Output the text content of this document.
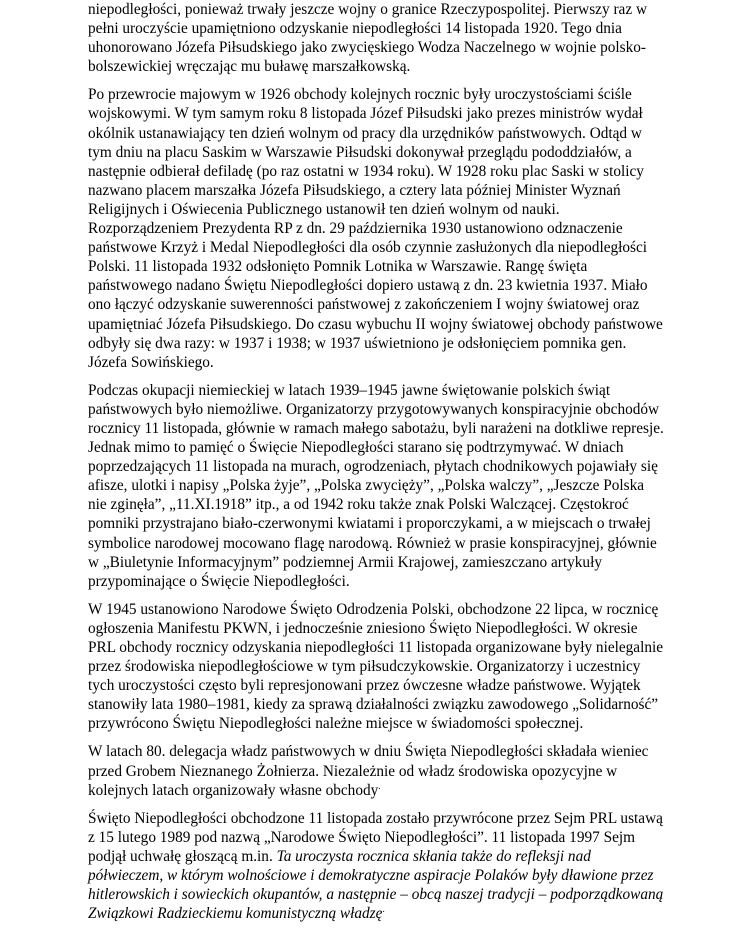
niepodległości, ponieważ trwały jeszcze wojny o granice Rzeczypospolitej. Pierwszy raz w pełni uroczyście upamiętniono odzyskanie niepodległości 14 listopada 1920. Tego dnia uhonorowano Józefa Piłsudskiego jako zwycięskiego Wodza Naczelnego w wojnie polsko-bolszewickiej wręczając mu buławę marszałkowską.

Po przewrocie majowym w 1926 obchody kolejnych rocznic były uroczystościami ściśle wojskowymi. W tym samym roku 8 listopada Józef Piłsudski jako prezes ministrów wydał okólnik ustanawiający ten dzień wolnym od pracy dla urzędników państwowych. Odtąd w tym dniu na placu Saskim w Warszawie Piłsudski dokonywał przeglądu pododdziałów, a następnie odbierał defiladę (po raz ostatni w 1934 roku). W 1928 roku plac Saski w stolicy nazwano placem marszałka Józefa Piłsudskiego, a cztery lata później Minister Wyznań Religijnych i Oświecenia Publicznego ustanowił ten dzień wolnym od nauki. Rozporządzeniem Prezydenta RP z dn. 29 października 1930 ustanowiono odznaczenie państwowe Krzyż i Medal Niepodległości dla osób czynnie zasłużonych dla niepodległości Polski. 11 listopada 1932 odsłonięto Pomnik Lotnika w Warszawie. Rangę święta państwowego nadano Świętu Niepodległości dopiero ustawą z dn. 23 kwietnia 1937. Miało ono łączyć odzyskanie suwerenności państwowej z zakończeniem I wojny światowej oraz upamiętniać Józefa Piłsudskiego. Do czasu wybuchu II wojny światowej obchody państwowe odbyły się dwa razy: w 1937 i 1938; w 1937 uświetniono je odsłonięciem pomnika gen. Józefa Sowińskiego.

Podczas okupacji niemieckiej w latach 1939–1945 jawne świętowanie polskich świąt państwowych było niemożliwe. Organizatorzy przygotowywanych konspiracyjnie obchodów rocznicy 11 listopada, głównie w ramach małego sabotażu, byli narażeni na dotkliwe represje. Jednak mimo to pamięć o Święcie Niepodległości starano się podtrzymywać. W dniach poprzedzających 11 listopada na murach, ogrodzeniach, płytach chodnikowych pojawiały się afisze, ulotki i napisy „Polska żyje”, „Polska zwycięży”, „Polska walczy”, „Jeszcze Polska nie zginęła”, „11.XI.1918” itp., a od 1942 roku także znak Polski Walczącej. Częstokroć pomniki przystrajano biało-czerwonymi kwiatami i proporczykami, a w miejscach o trwałej symbolice narodowej mocowano flagę narodową. Również w prasie konspiracyjnej, głównie w „Biuletynie Informacyjnym” podziemnej Armii Krajowej, zamieszczano artykuły przypominające o Święcie Niepodległości.

W 1945 ustanowiono Narodowe Święto Odrodzenia Polski, obchodzone 22 lipca, w rocznicę ogłoszenia Manifestu PKWN, i jednocześnie zniesiono Święto Niepodległości. W okresie PRL obchody rocznicy odzyskania niepodległości 11 listopada organizowane były nielegalnie przez środowiska niepodległościowe w tym piłsudczykowskie. Organizatorzy i uczestnicy tych uroczystości często byli represjonowani przez ówczesne władze państwowe. Wyjątek stanowiły lata 1980–1981, kiedy za sprawą działalności związku zawodowego „Solidarność” przywrócono Świętu Niepodległości należne miejsce w świadomości społecznej.

W latach 80. delegacja władz państwowych w dniu Święta Niepodległości składała wieniec przed Grobem Nieznanego Żołnierza. Niezależnie od władz środowiska opozycyjne w kolejnych latach organizowały własne obchody.

Święto Niepodległości obchodzone 11 listopada zostało przywrócone przez Sejm PRL ustawą z 15 lutego 1989 pod nazwą „Narodowe Święto Niepodległości”. 11 listopada 1997 Sejm podjął uchwałę głoszącą m.in. Ta uroczysta rocznica skłania także do refleksji nad półwieczem, w którym wolnościowe i demokratyczne aspiracje Polaków były dławione przez hitlerowskich i sowieckich okupantów, a następnie – obcą naszej tradycji – podporządkowaną Związkowi Radzieckiemu komunistyczną władzę.
